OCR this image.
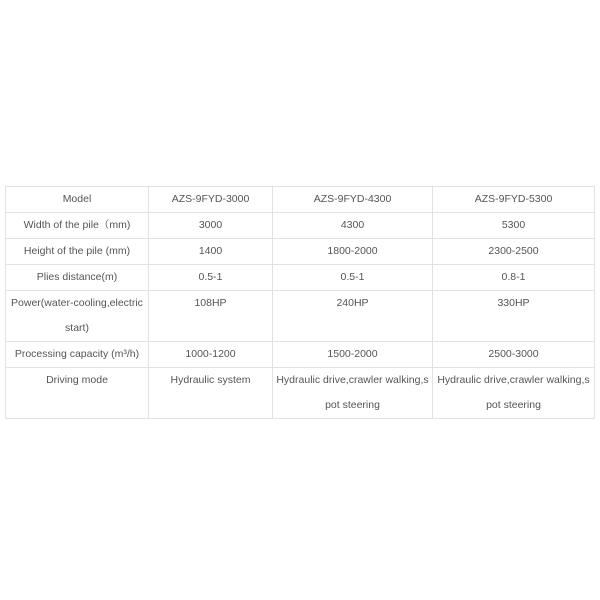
Model	AZS-9FYD-3000	AZS-9FYD-4300	AZS-9FYD-5300
Width of the pile（mm)	3000	4300	5300
Height of the pile (mm)	1400	1800-2000	2300-2500
Plies distance(m)	0.5-1	0.5-1	0.8-1
Power(water-cooling,electric start)	108HP	240HP	330HP
Processing capacity (m³/h)	1000-1200	1500-2000	2500-3000
Driving mode	Hydraulic system	Hydraulic drive,crawler walking,spot steering	Hydraulic drive,crawler walking,spot steering
